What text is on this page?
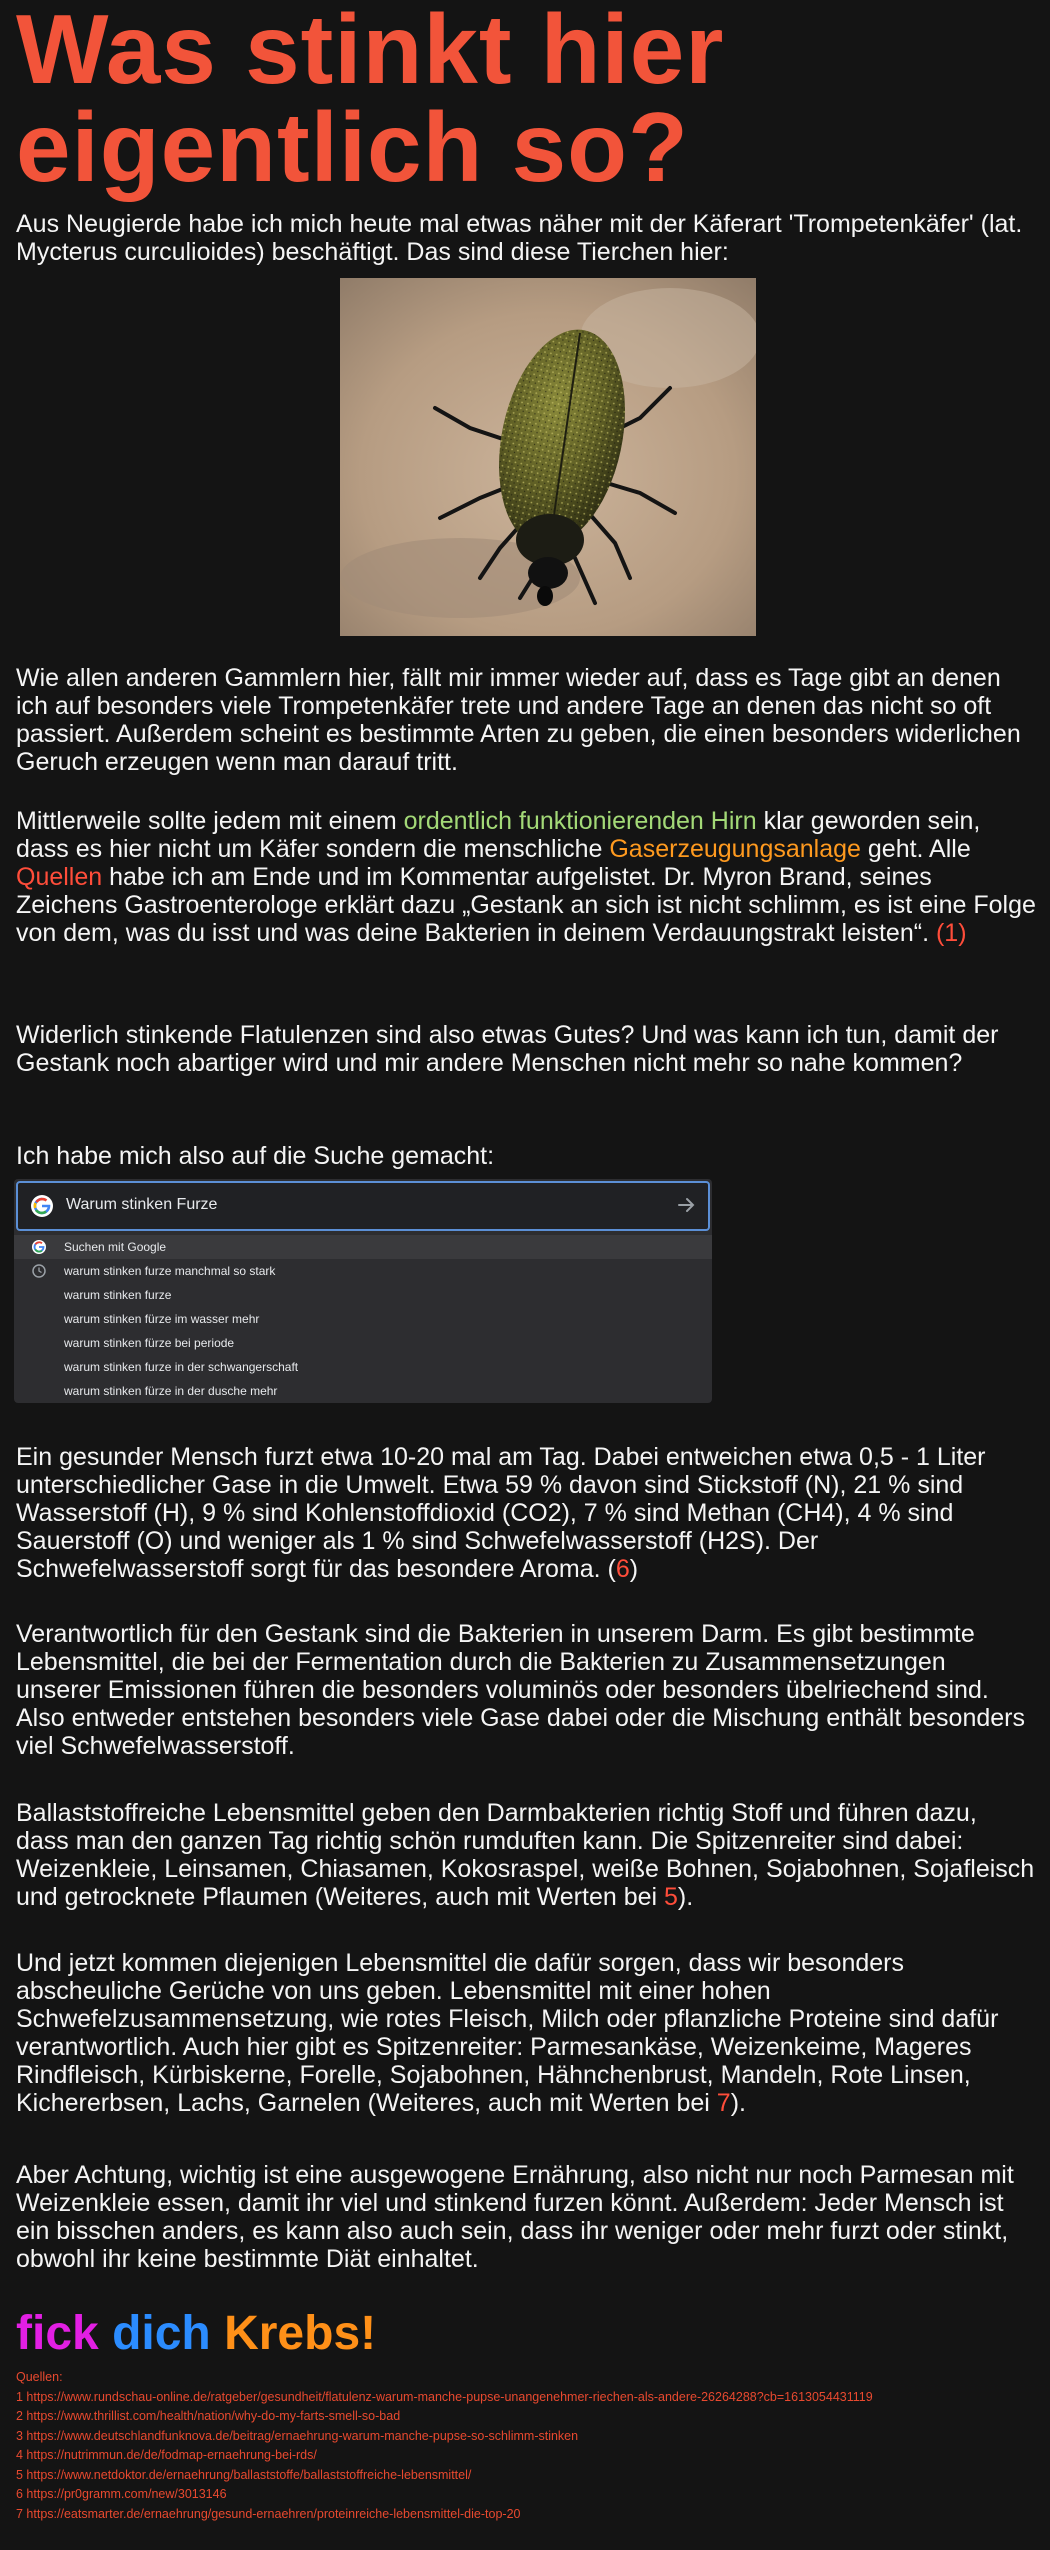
Was stinkt hier
eigentlich so?

Aus Neugierde habe ich mich heute mal etwas näher mit der Käferart 'Trompetenkäfer' (lat. Mycterus curculioides) beschäftigt. Das sind diese Tierchen hier:

Wie allen anderen Gammlern hier, fällt mir immer wieder auf, dass es Tage gibt an denen ich auf besonders viele Trompetenkäfer trete und andere Tage an denen das nicht so oft passiert. Außerdem scheint es bestimmte Arten zu geben, die einen besonders widerlichen Geruch erzeugen wenn man darauf tritt.

Mittlerweile sollte jedem mit einem ordentlich funktionierenden Hirn klar geworden sein, dass es hier nicht um Käfer sondern die menschliche Gaserzeugungsanlage geht. Alle Quellen habe ich am Ende und im Kommentar aufgelistet. Dr. Myron Brand, seines Zeichens Gastroenterologe erklärt dazu „Gestank an sich ist nicht schlimm, es ist eine Folge von dem, was du isst und was deine Bakterien in deinem Verdauungstrakt leisten“. (1)

Widerlich stinkende Flatulenzen sind also etwas Gutes? Und was kann ich tun, damit der Gestank noch abartiger wird und mir andere Menschen nicht mehr so nahe kommen?

Ich habe mich also auf die Suche gemacht:

Warum stinken Furze
Suchen mit Google
warum stinken furze manchmal so stark
warum stinken furze
warum stinken fürze im wasser mehr
warum stinken fürze bei periode
warum stinken furze in der schwangerschaft
warum stinken fürze in der dusche mehr

Ein gesunder Mensch furzt etwa 10-20 mal am Tag. Dabei entweichen etwa 0,5 - 1 Liter unterschiedlicher Gase in die Umwelt. Etwa 59 % davon sind Stickstoff (N), 21 % sind Wasserstoff (H), 9 % sind Kohlenstoffdioxid (CO2), 7 % sind Methan (CH4), 4 % sind Sauerstoff (O) und weniger als 1 % sind Schwefelwasserstoff (H2S). Der Schwefelwasserstoff sorgt für das besondere Aroma. (6)

Verantwortlich für den Gestank sind die Bakterien in unserem Darm. Es gibt bestimmte Lebensmittel, die bei der Fermentation durch die Bakterien zu Zusammensetzungen unserer Emissionen führen die besonders voluminös oder besonders übelriechend sind. Also entweder entstehen besonders viele Gase dabei oder die Mischung enthält besonders viel Schwefelwasserstoff.

Ballaststoffreiche Lebensmittel geben den Darmbakterien richtig Stoff und führen dazu, dass man den ganzen Tag richtig schön rumduften kann. Die Spitzenreiter sind dabei: Weizenkleie, Leinsamen, Chiasamen, Kokosraspel, weiße Bohnen, Sojabohnen, Sojafleisch und getrocknete Pflaumen (Weiteres, auch mit Werten bei 5).

Und jetzt kommen diejenigen Lebensmittel die dafür sorgen, dass wir besonders abscheuliche Gerüche von uns geben. Lebensmittel mit einer hohen Schwefelzusammensetzung, wie rotes Fleisch, Milch oder pflanzliche Proteine sind dafür verantwortlich. Auch hier gibt es Spitzenreiter: Parmesankäse, Weizenkeime, Mageres Rindfleisch, Kürbiskerne, Forelle, Sojabohnen, Hähnchenbrust, Mandeln, Rote Linsen, Kichererbsen, Lachs, Garnelen (Weiteres, auch mit Werten bei 7).

Aber Achtung, wichtig ist eine ausgewogene Ernährung, also nicht nur noch Parmesan mit Weizenkleie essen, damit ihr viel und stinkend furzen könnt. Außerdem: Jeder Mensch ist ein bisschen anders, es kann also auch sein, dass ihr weniger oder mehr furzt oder stinkt, obwohl ihr keine bestimmte Diät einhaltet.

fick dich Krebs!
Quellen:
1 https://www.rundschau-online.de/ratgeber/gesundheit/flatulenz-warum-manche-pupse-unangenehmer-riechen-als-andere-26264288?cb=1613054431119
2 https://www.thrillist.com/health/nation/why-do-my-farts-smell-so-bad
3 https://www.deutschlandfunknova.de/beitrag/ernaehrung-warum-manche-pupse-so-schlimm-stinken
4 https://nutrimmun.de/de/fodmap-ernaehrung-bei-rds/
5 https://www.netdoktor.de/ernaehrung/ballaststoffe/ballaststoffreiche-lebensmittel/
6 https://pr0gramm.com/new/3013146
7 https://eatsmarter.de/ernaehrung/gesund-ernaehren/proteinreiche-lebensmittel-die-top-20
